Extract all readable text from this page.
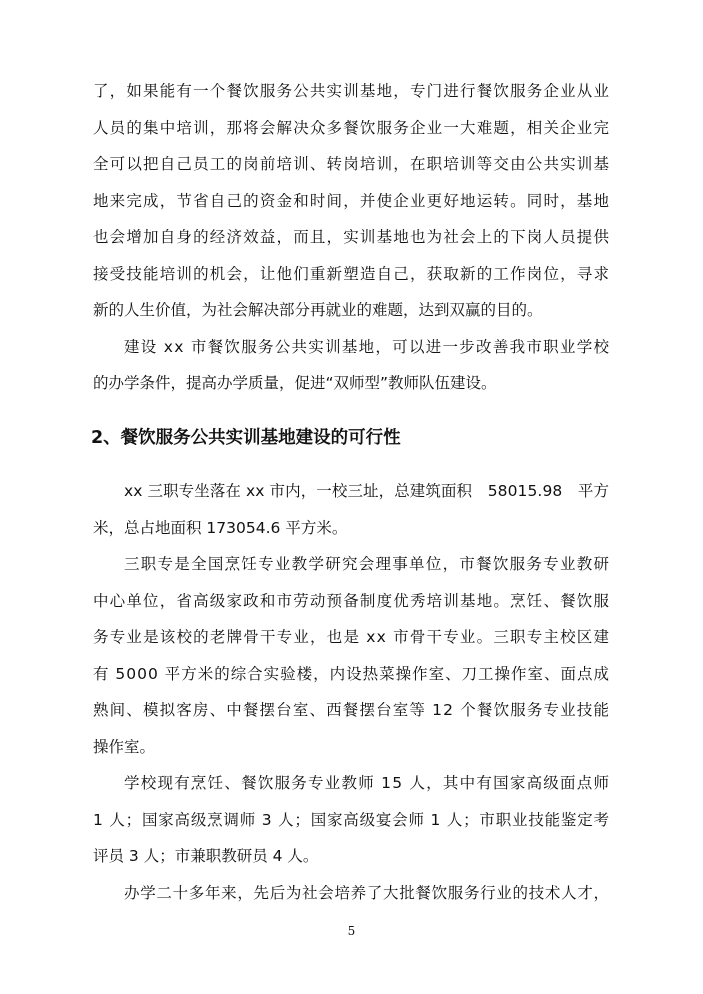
了，如果能有一个餐饮服务公共实训基地，专门进行餐饮服务企业从业
人员的集中培训，那将会解决众多餐饮服务企业一大难题，相关企业完
全可以把自己员工的岗前培训、转岗培训，在职培训等交由公共实训基
地来完成，节省自己的资金和时间，并使企业更好地运转。同时，基地
也会增加自身的经济效益，而且，实训基地也为社会上的下岗人员提供
接受技能培训的机会，让他们重新塑造自己，获取新的工作岗位，寻求
新的人生价值，为社会解决部分再就业的难题，达到双赢的目的。
建设 xx 市餐饮服务公共实训基地，可以进一步改善我市职业学校
的办学条件，提高办学质量，促进“双师型”教师队伍建设。
2、餐饮服务公共实训基地建设的可行性
xx 三职专坐落在 xx 市内，一校三址，总建筑面积　58015.98　平方
米，总占地面积 173054.6 平方米。
三职专是全国烹饪专业教学研究会理事单位，市餐饮服务专业教研
中心单位，省高级家政和市劳动预备制度优秀培训基地。烹饪、餐饮服
务专业是该校的老牌骨干专业，也是 xx 市骨干专业。三职专主校区建
有 5000 平方米的综合实验楼，内设热菜操作室、刀工操作室、面点成
熟间、模拟客房、中餐摆台室、西餐摆台室等 12 个餐饮服务专业技能
操作室。
学校现有烹饪、餐饮服务专业教师 15 人，其中有国家高级面点师
1 人；国家高级烹调师 3 人；国家高级宴会师 1 人；市职业技能鉴定考
评员 3 人；市兼职教研员 4 人。
办学二十多年来，先后为社会培养了大批餐饮服务行业的技术人才，
5
